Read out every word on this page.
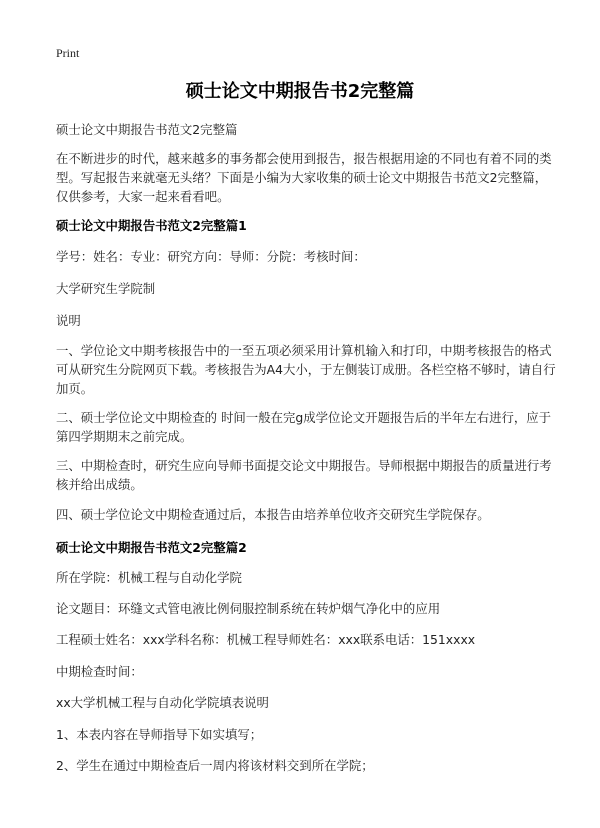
Print
硕士论文中期报告书2完整篇

硕士论文中期报告书范文2完整篇

在不断进步的时代，越来越多的事务都会使用到报告，报告根据用途的不同也有着不同的类型。写起报告来就毫无头绪？下面是小编为大家收集的硕士论文中期报告书范文2完整篇，仅供参考，大家一起来看看吧。

硕士论文中期报告书范文2完整篇1

学号：姓名：专业：研究方向：导师：分院：考核时间：

大学研究生学院制

说明

一、学位论文中期考核报告中的一至五项必须采用计算机输入和打印，中期考核报告的格式可从研究生分院网页下载。考核报告为A4大小，于左侧装订成册。各栏空格不够时，请自行加页。

二、硕士学位论文中期检查的 时间一般在完g成学位论文开题报告后的半年左右进行，应于第四学期期末之前完成。

三、中期检查时，研究生应向导师书面提交论文中期报告。导师根据中期报告的质量进行考核并给出成绩。

四、硕士学位论文中期检查通过后，本报告由培养单位收齐交研究生学院保存。

硕士论文中期报告书范文2完整篇2

所在学院：机械工程与自动化学院

论文题目：环缝文式管电液比例伺服控制系统在转炉烟气净化中的应用

工程硕士姓名：xxx学科名称：机械工程导师姓名：xxx联系电话：151xxxx

中期检查时间：

xx大学机械工程与自动化学院填表说明

1、本表内容在导师指导下如实填写；

2、学生在通过中期检查后一周内将该材料交到所在学院；
